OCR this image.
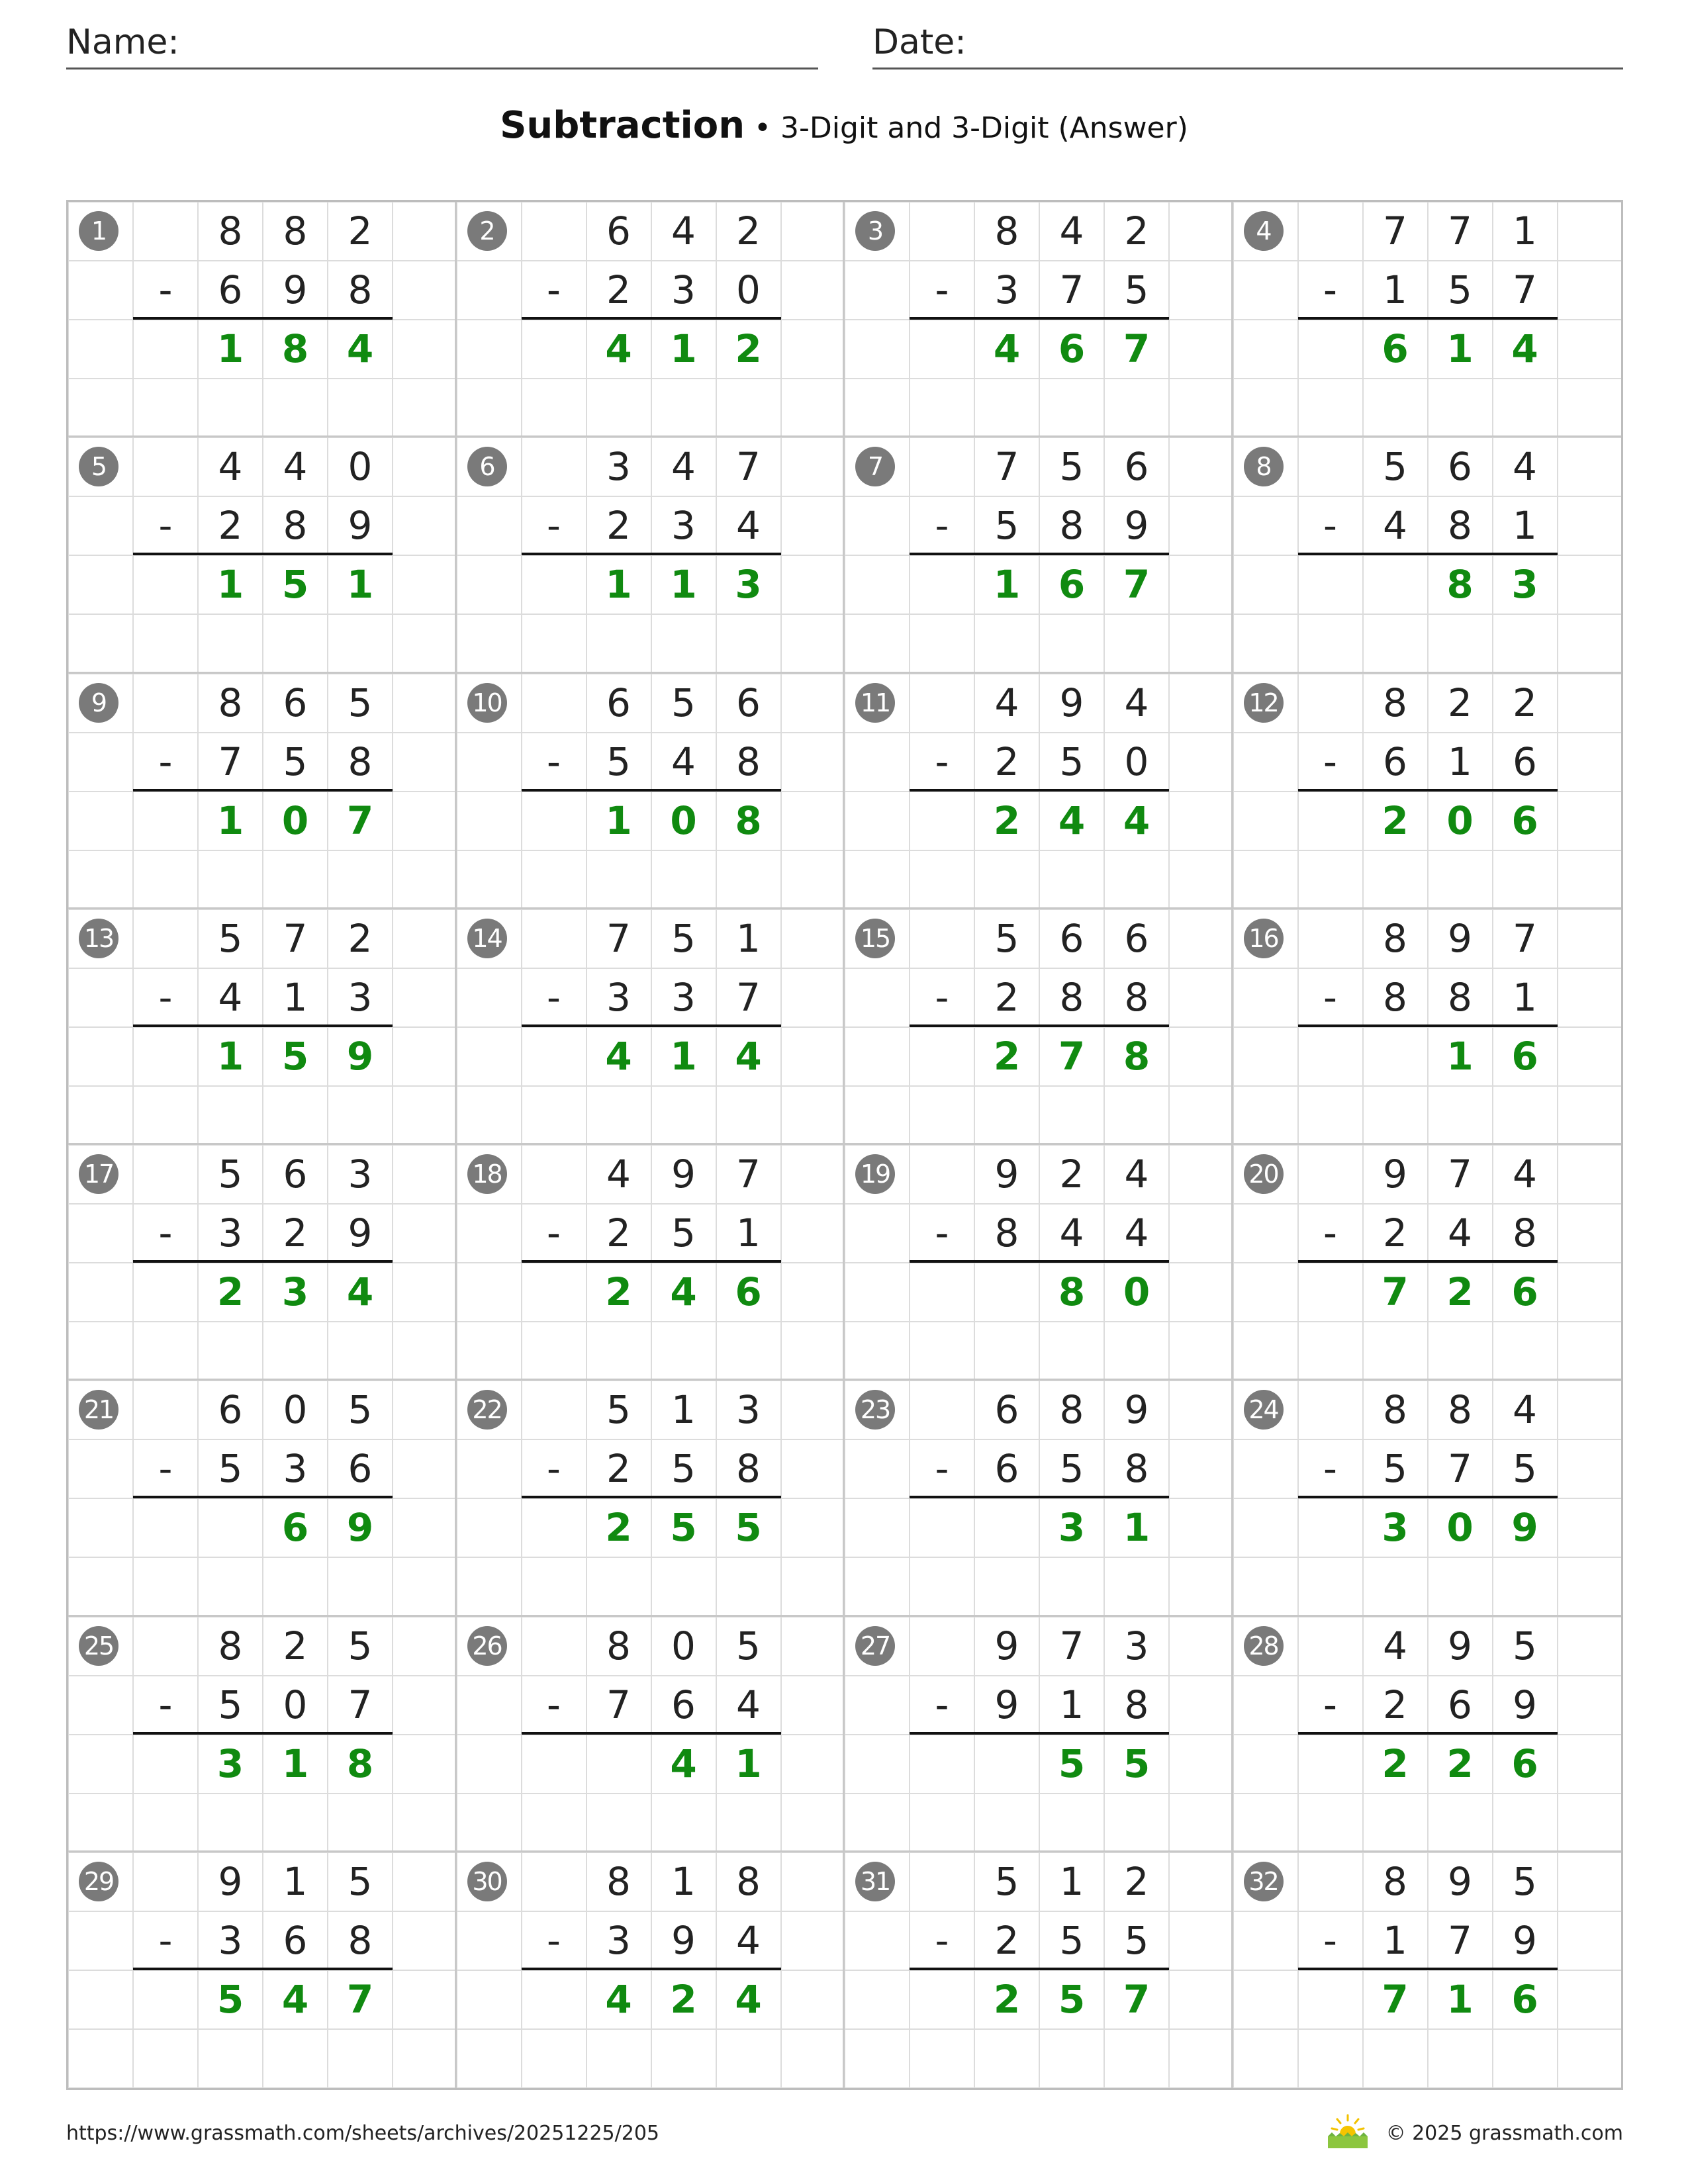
Name:	Date:
Subtraction • 3-Digit and 3-Digit (Answer)
1	8	8	2
-	6	9	8
1 8 4
2	6	4	2
-	2	3	0
4 1 2
3	8	4	2
-	3	7	5
4 6 7
4	7	7	1
-	1	5	7
6 1 4
5	4	4	0
-	2	8	9
1 5 1
6	3	4	7
-	2	3	4
1 1 3
7	7	5	6
-	5	8	9
1 6 7
8	5	6	4
-	4	8	1
8 3
9	8	6	5
-	7	5	8
1 0 7
10	6	5	6
-	5	4	8
1 0 8
11	4	9	4
-	2	5	0
2 4 4
12	8	2	2
-	6	1	6
2 0 6
13	5	7	2
-	4	1	3
1 5 9
14	7	5	1
-	3	3	7
4 1 4
15	5	6	6
-	2	8	8
2 7 8
16	8	9	7
-	8	8	1
1 6
17	5	6	3
-	3	2	9
2 3 4
18	4	9	7
-	2	5	1
2 4 6
19	9	2	4
-	8	4	4
8 0
20	9	7	4
-	2	4	8
7 2 6
21	6	0	5
-	5	3	6
6 9
22	5	1	3
-	2	5	8
2 5 5
23	6	8	9
-	6	5	8
3 1
24	8	8	4
-	5	7	5
3 0 9
25	8	2	5
-	5	0	7
3 1 8
26	8	0	5
-	7	6	4
4 1
27	9	7	3
-	9	1	8
5 5
28	4	9	5
-	2	6	9
2 2 6
29	9	1	5
-	3	6	8
5 4 7
30	8	1	8
-	3	9	4
4 2 4
31	5	1	2
-	2	5	5
2 5 7
32	8	9	5
-	1	7	9
7 1 6
https://www.grassmath.com/sheets/archives/20251225/205	© 2025 grassmath.com
